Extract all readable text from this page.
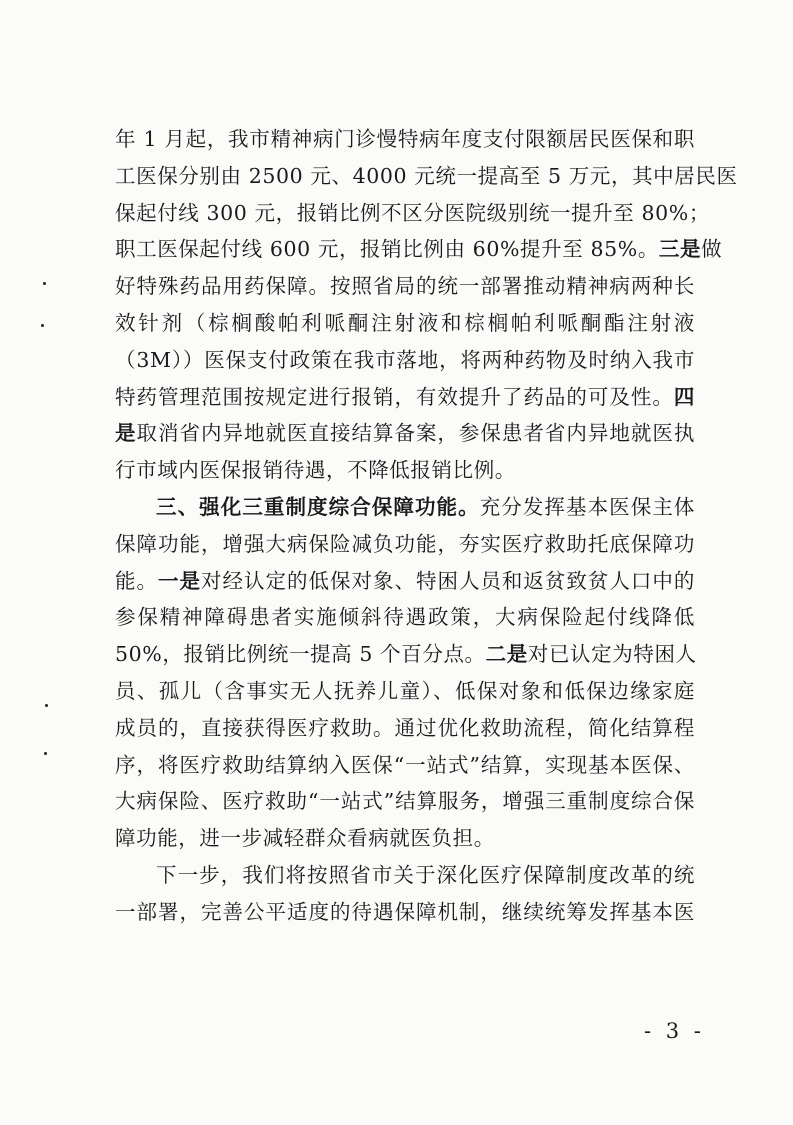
年 1 月起，我市精神病门诊慢特病年度支付限额居民医保和职
工医保分别由 2500 元、4000 元统一提高至 5 万元，其中居民医
保起付线 300 元，报销比例不区分医院级别统一提升至 80%；
职工医保起付线 600 元，报销比例由 60%提升至 85%。三是做
好特殊药品用药保障。按照省局的统一部署推动精神病两种长
效针剂（棕榈酸帕利哌酮注射液和棕榈帕利哌酮酯注射液
（3M））医保支付政策在我市落地，将两种药物及时纳入我市
特药管理范围按规定进行报销，有效提升了药品的可及性。四
是取消省内异地就医直接结算备案，参保患者省内异地就医执
行市域内医保报销待遇，不降低报销比例。
三、强化三重制度综合保障功能。充分发挥基本医保主体
保障功能，增强大病保险减负功能，夯实医疗救助托底保障功
能。一是对经认定的低保对象、特困人员和返贫致贫人口中的
参保精神障碍患者实施倾斜待遇政策，大病保险起付线降低
50%，报销比例统一提高 5 个百分点。二是对已认定为特困人
员、孤儿（含事实无人抚养儿童）、低保对象和低保边缘家庭
成员的，直接获得医疗救助。通过优化救助流程，简化结算程
序，将医疗救助结算纳入医保“一站式”结算，实现基本医保、
大病保险、医疗救助“一站式”结算服务，增强三重制度综合保
障功能，进一步减轻群众看病就医负担。
下一步，我们将按照省市关于深化医疗保障制度改革的统
一部署，完善公平适度的待遇保障机制，继续统筹发挥基本医
- 3 -
